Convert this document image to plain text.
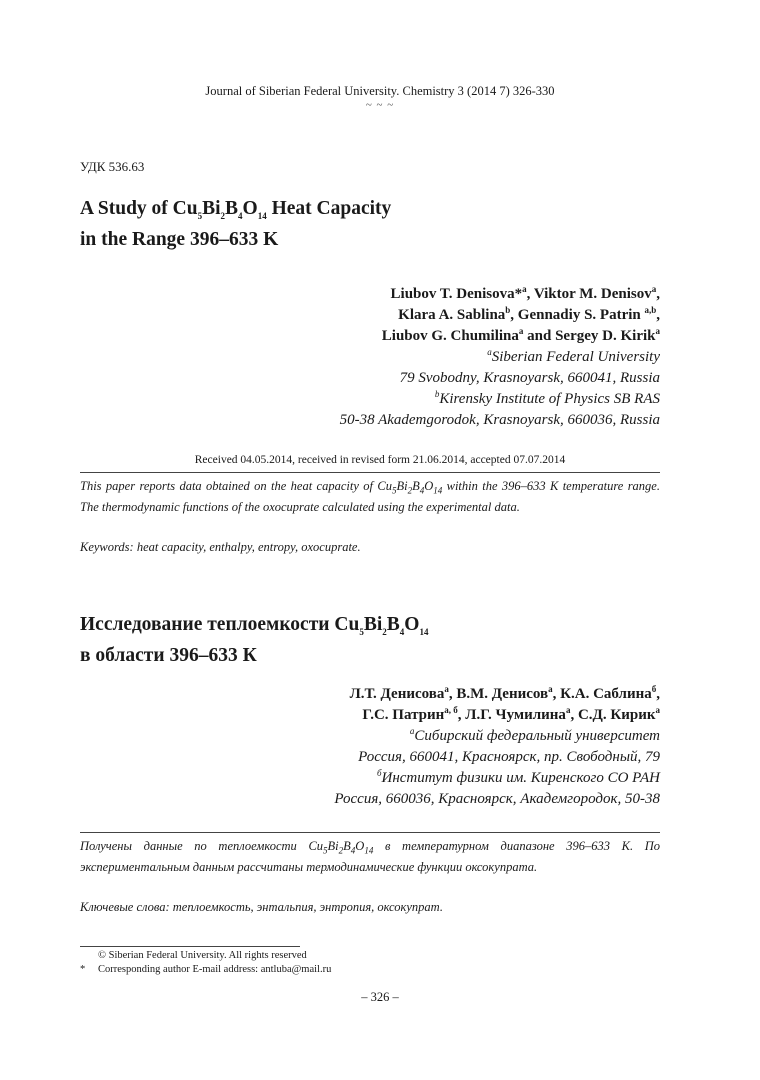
Journal of Siberian Federal University. Chemistry 3 (2014 7) 326-330
~ ~ ~
УДК 536.63
A Study of $Cu_5Bi_2B_4O_{14}$ Heat Capacity
in the Range 396–633 K
Liubov T. Denisova*$^a$, Viktor M. Denisov$^a$,
Klara A. Sablina$^b$, Gennadiy S. Patrin $^{a,b}$,
Liubov G. Chumilina$^a$ and Sergey D. Kirik$^a$
$^a$Siberian Federal University
79 Svobodny, Krasnoyarsk, 660041, Russia
$^b$Kirensky Institute of Physics SB RAS
50-38 Akademgorodok, Krasnoyarsk, 660036, Russia
Received 04.05.2014, received in revised form 21.06.2014, accepted 07.07.2014
This paper reports data obtained on the heat capacity of $Cu_5Bi_2B_4O_{14}$ within the 396–633 K temperature range. The thermodynamic functions of the oxocuprate calculated using the experimental data.
Keywords: heat capacity, enthalpy, entropy, oxocuprate.
Исследование теплоемкости $Cu_5Bi_2B_4O_{14}$
в области 396–633 К
Л.Т. Денисова$^а$, В.М. Денисов$^а$, К.А. Саблина$^б$,
Г.С. Патрин$^{а, б}$, Л.Г. Чумилина$^а$, С.Д. Кирик$^а$
$^а$Сибирский федеральный университет
Россия, 660041, Красноярск, пр. Свободный, 79
$^б$Институт физики им. Киренского СО РАН
Россия, 660036, Красноярск, Академгородок, 50-38
Получены данные по теплоемкости $Cu_5Bi_2B_4O_{14}$ в температурном диапазоне 396–633 К. По экспериментальным данным рассчитаны термодинамические функции оксокупрата.
Ключевые слова: теплоемкость, энтальпия, энтропия, оксокупрат.
© Siberian Federal University. All rights reserved
* Corresponding author E-mail address: antluba@mail.ru
– 326 –
